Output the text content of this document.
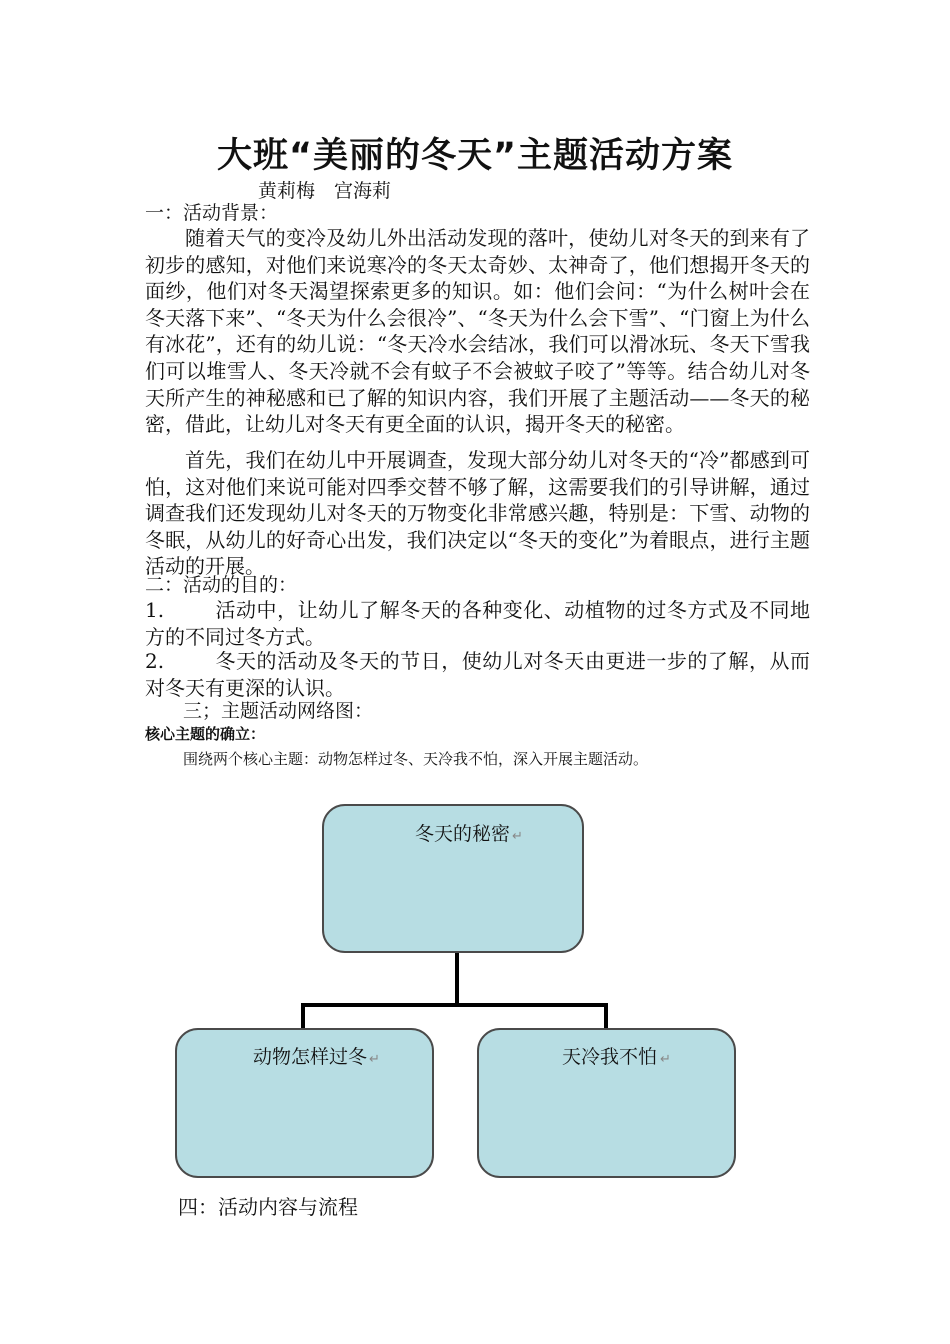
大班“美丽的冬天”主题活动方案
黄莉梅　宫海莉
一：活动背景：

随着天气的变冷及幼儿外出活动发现的落叶，使幼儿对冬天的到来有了初步的感知，对他们来说寒冷的冬天太奇妙、太神奇了，他们想揭开冬天的面纱，他们对冬天渴望探索更多的知识。如：他们会问：“为什么树叶会在冬天落下来”、“冬天为什么会很冷”、“冬天为什么会下雪”、“门窗上为什么有冰花”，还有的幼儿说：“冬天冷水会结冰，我们可以滑冰玩、冬天下雪我们可以堆雪人、冬天冷就不会有蚊子不会被蚊子咬了”等等。结合幼儿对冬天所产生的神秘感和已了解的知识内容，我们开展了主题活动——冬天的秘密，借此，让幼儿对冬天有更全面的认识，揭开冬天的秘密。

首先，我们在幼儿中开展调查，发现大部分幼儿对冬天的“冷”都感到可怕，这对他们来说可能对四季交替不够了解，这需要我们的引导讲解，通过调查我们还发现幼儿对冬天的万物变化非常感兴趣，特别是：下雪、动物的冬眠，从幼儿的好奇心出发，我们决定以“冬天的变化”为着眼点，进行主题活动的开展。

二：活动的目的：

1.	活动中，让幼儿了解冬天的各种变化、动植物的过冬方式及不同地方的不同过冬方式。

2.	冬天的活动及冬天的节日，使幼儿对冬天由更进一步的了解，从而对冬天有更深的认识。

三；主题活动网络图：
核心主题的确立：
围绕两个核心主题：动物怎样过冬、天冷我不怕，深入开展主题活动。
冬天的秘密 ↵
动物怎样过冬 ↵	天冷我不怕 ↵
四：活动内容与流程
